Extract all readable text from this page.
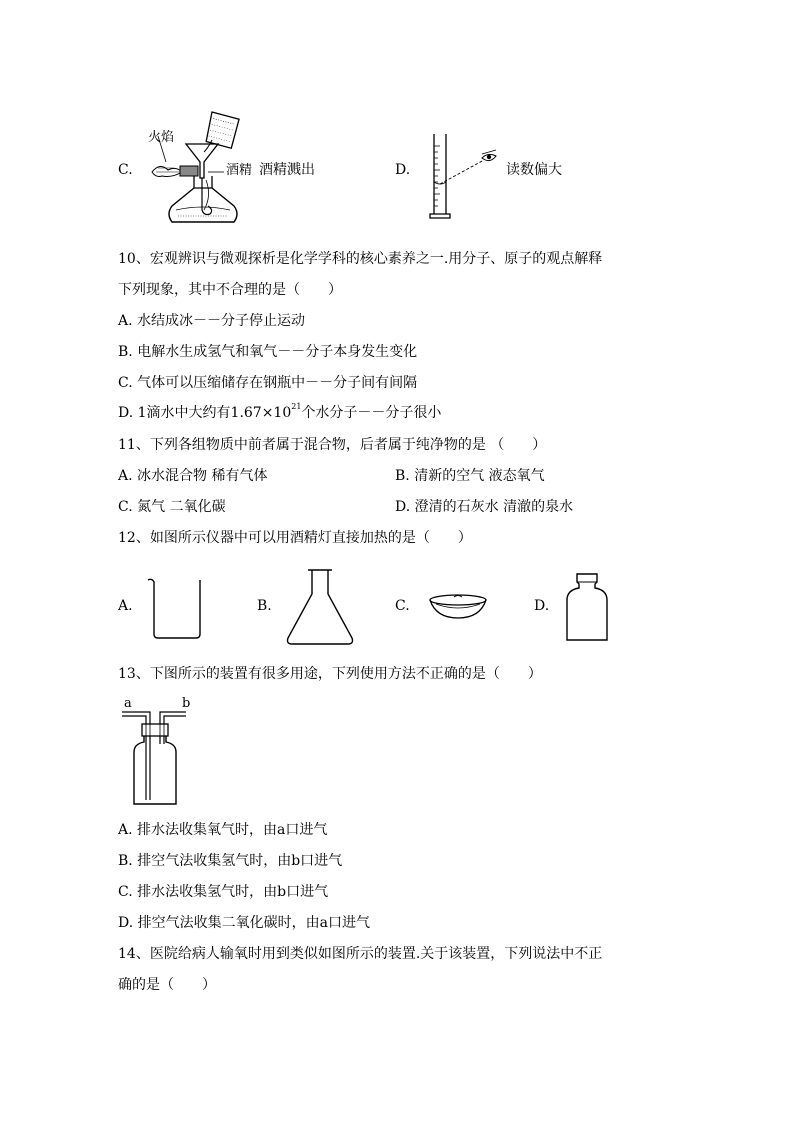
C.
火焰
酒精 酒精溅出	D.	读数偏大
10、宏观辨识与微观探析是化学学科的核心素养之一.用分子、原子的观点解释
下列现象，其中不合理的是（　　）
A. 水结成冰－－分子停止运动
B. 电解水生成氢气和氧气－－分子本身发生变化
C. 气体可以压缩储存在钢瓶中－－分子间有间隔
D. 1滴水中大约有$1.67\times 10^{21}$个水分子－－分子很小
11、下列各组物质中前者属于混合物，后者属于纯净物的是 （　　）
A. 冰水混合物 稀有气体	B. 清新的空气 液态氧气
C. 氮气 二氧化碳	D. 澄清的石灰水 清澈的泉水
12、如图所示仪器中可以用酒精灯直接加热的是（　　）
A.	B.	C.	D.
13、下图所示的装置有很多用途，下列使用方法不正确的是（　　）
a	b
A. 排水法收集氧气时，由a口进气
B. 排空气法收集氢气时，由b口进气
C. 排水法收集氢气时，由b口进气
D. 排空气法收集二氧化碳时，由a口进气
14、医院给病人输氧时用到类似如图所示的装置.关于该装置，下列说法中不正
确的是（　　）
